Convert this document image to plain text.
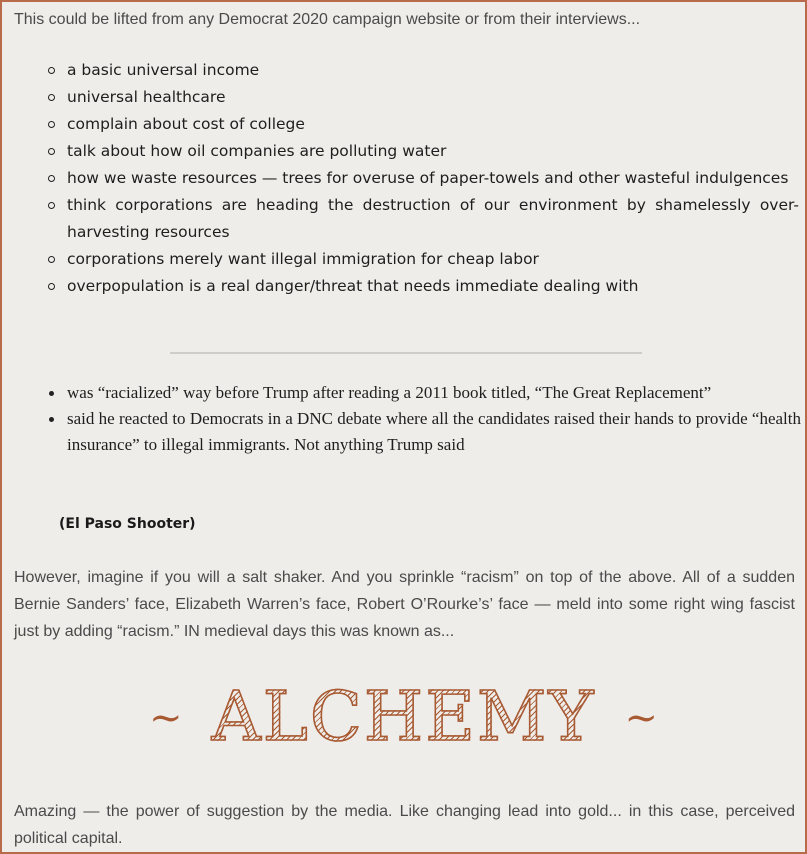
This could be lifted from any Democrat 2020 campaign website or from their interviews...

a basic universal income
universal healthcare
complain about cost of college
talk about how oil companies are polluting water
how we waste resources — trees for overuse of paper-towels and other wasteful indulgences
think corporations are heading the destruction of our environment by shamelessly over-harvesting resources
corporations merely want illegal immigration for cheap labor
overpopulation is a real danger/threat that needs immediate dealing with
was “racialized” way before Trump after reading a 2011 book titled, “The Great Replacement”
said he reacted to Democrats in a DNC debate where all the candidates raised their hands to provide “health insurance” to illegal immigrants. Not anything Trump said
(El Paso Shooter)

However, imagine if you will a salt shaker. And you sprinkle “racism” on top of the above. All of a sudden Bernie Sanders’ face, Elizabeth Warren’s face, Robert O’Rourke’s’ face — meld into some right wing fascist just by adding “racism.” IN medieval days this was known as...

~ ALCHEMY ~

Amazing — the power of suggestion by the media. Like changing lead into gold... in this case, perceived political capital.
